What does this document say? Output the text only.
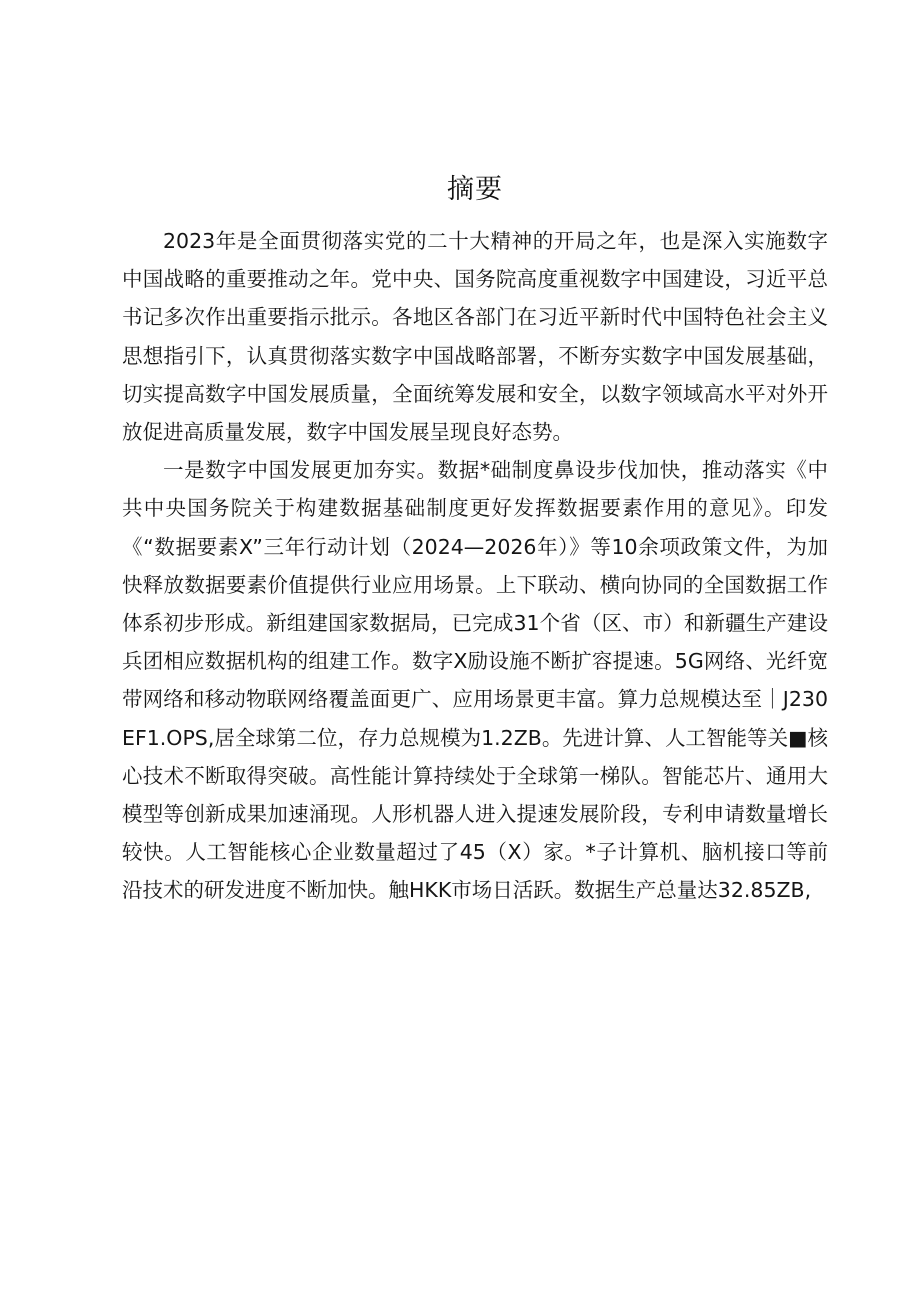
摘要

2023年是全面贯彻落实党的二十大精神的开局之年，也是深入实施数字中国战略的重要推动之年。党中央、国务院高度重视数字中国建设，习近平总书记多次作出重要指示批示。各地区各部门在习近平新时代中国特色社会主义思想指引下，认真贯彻落实数字中国战略部署，不断夯实数字中国发展基础，切实提高数字中国发展质量，全面统筹发展和安全，以数字领域高水平对外开放促进高质量发展，数字中国发展呈现良好态势。

一是数字中国发展更加夯实。数据*础制度鼻设步伐加快，推动落实《中共中央国务院关于构建数据基础制度更好发挥数据要素作用的意见》。印发《“数据要素X”三年行动计划（2024—2026年）》等10余项政策文件，为加快释放数据要素价值提供行业应用场景。上下联动、横向协同的全国数据工作体系初步形成。新组建国家数据局，已完成31个省（区、市）和新疆生产建设兵团相应数据机构的组建工作。数字X励设施不断扩容提速。5G网络、光纤宽带网络和移动物联网络覆盖面更广、应用场景更丰富。算力总规模达至｜J230EF1.OPS,居全球第二位，存力总规模为1.2ZB。先进计算、人工智能等关■核心技术不断取得突破。高性能计算持续处于全球第一梯队。智能芯片、通用大模型等创新成果加速涌现。人形机器人进入提速发展阶段，专利申请数量增长较快。人工智能核心企业数量超过了45（X）家。*子计算机、脑机接口等前沿技术的研发进度不断加快。触HKK市场日活跃。数据生产总量达32.85ZB,
